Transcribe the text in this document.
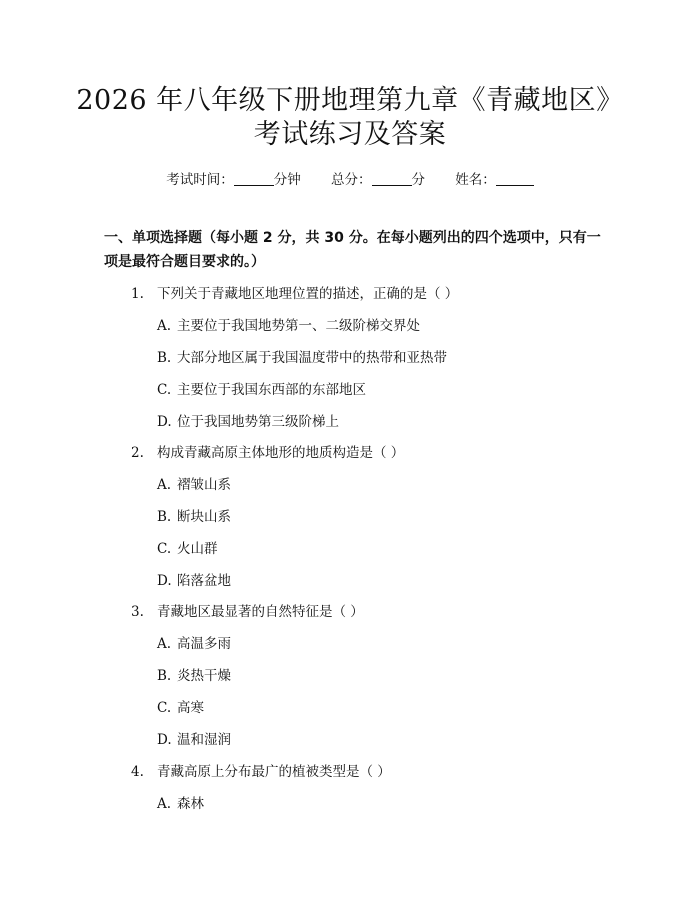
2026 年八年级下册地理第九章《青藏地区》
考试练习及答案
考试时间：	分钟 总分：	分 姓名：
一、单项选择题（每小题 2 分，共 30 分。在每小题列出的四个选项中，只有一项是最符合题目要求的。）
1. 下列关于青藏地区地理位置的描述，正确的是（ ）
A. 主要位于我国地势第一、二级阶梯交界处
B. 大部分地区属于我国温度带中的热带和亚热带
C. 主要位于我国东西部的东部地区
D. 位于我国地势第三级阶梯上
2. 构成青藏高原主体地形的地质构造是（ ）
A. 褶皱山系
B. 断块山系
C. 火山群
D. 陷落盆地
3. 青藏地区最显著的自然特征是（ ）
A. 高温多雨
B. 炎热干燥
C. 高寒
D. 温和湿润
4. 青藏高原上分布最广的植被类型是（ ）
A. 森林
